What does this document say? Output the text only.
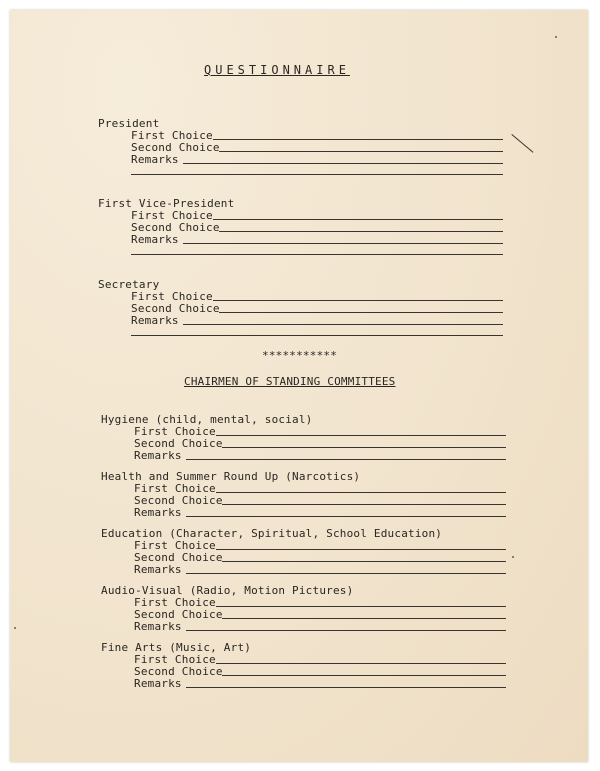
QUESTIONNAIRE
President
First Choice
Second Choice
Remarks
First Vice-President
First Choice
Second Choice
Remarks
Secretary
First Choice
Second Choice
Remarks
***********
CHAIRMEN OF STANDING COMMITTEES
Hygiene (child, mental, social)
First Choice
Second Choice
Remarks
Health and Summer Round Up (Narcotics)
First Choice
Second Choice
Remarks
Education (Character, Spiritual, School Education)
First Choice
Second Choice
Remarks
Audio-Visual (Radio, Motion Pictures)
First Choice
Second Choice
Remarks
Fine Arts (Music, Art)
First Choice
Second Choice
Remarks
